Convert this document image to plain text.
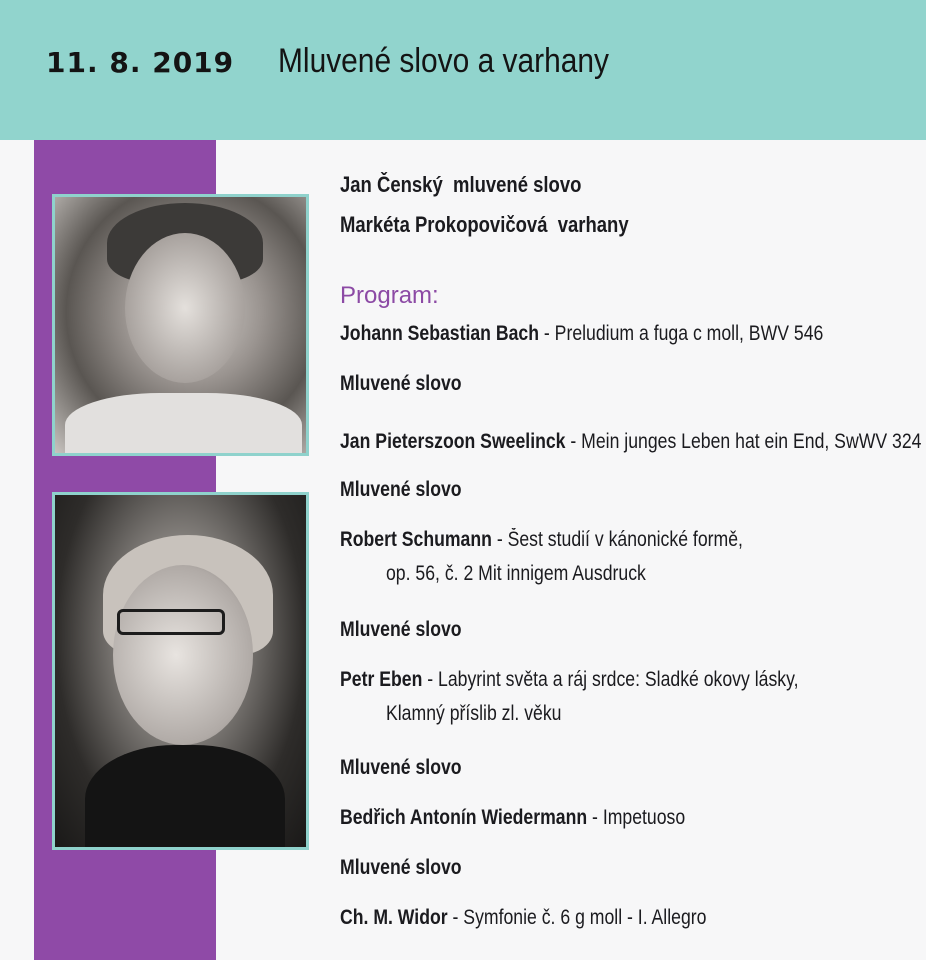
11. 8. 2019 Mluvené slovo a varhany
Jan Čenský mluvené slovo
Markéta Prokopovičová varhany
Program:
Johann Sebastian Bach - Preludium a fuga c moll, BWV 546
Mluvené slovo
Jan Pieterszoon Sweelinck - Mein junges Leben hat ein End, SwWV 324
Mluvené slovo
Robert Schumann - Šest studií v kánonické formě,
op. 56, č. 2 Mit innigem Ausdruck
Mluvené slovo
Petr Eben - Labyrint světa a ráj srdce: Sladké okovy lásky,
Klamný příslib zl. věku
Mluvené slovo
Bedřich Antonín Wiedermann - Impetuoso
Mluvené slovo
Ch. M. Widor - Symfonie č. 6 g moll - I. Allegro
